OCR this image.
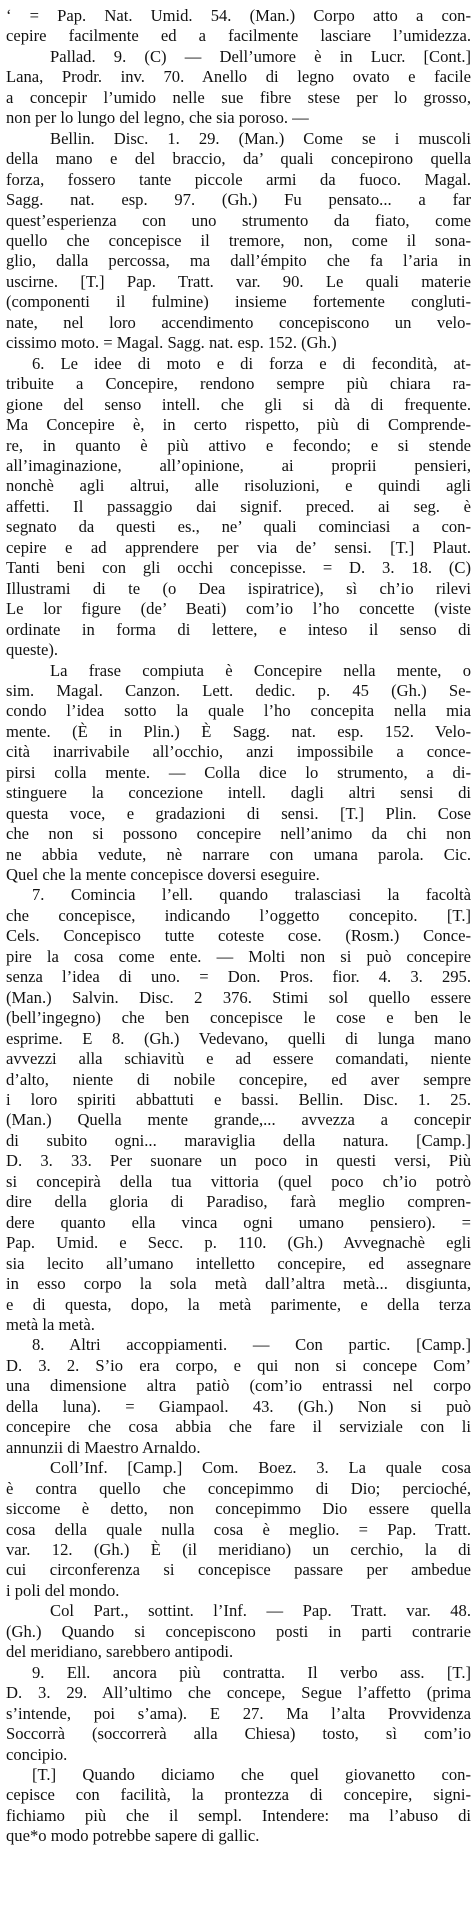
‘ = Pap. Nat. Umid. 54. (Man.) Corpo atto a con-
cepire facilmente ed a facilmente lasciare l’umidezza.
Pallad. 9. (C) — Dell’umore è in Lucr. [Cont.]
Lana, Prodr. inv. 70. Anello di legno ovato e facile
a concepir l’umido nelle sue fibre stese per lo grosso,
non per lo lungo del legno, che sia poroso. —
Bellin. Disc. 1. 29. (Man.) Come se i muscoli
della mano e del braccio, da’ quali concepirono quella
forza, fossero tante piccole armi da fuoco. Magal.
Sagg. nat. esp. 97. (Gh.) Fu pensato... a far
quest’esperienza con uno strumento da fiato, come
quello che concepisce il tremore, non, come il sona-
glio, dalla percossa, ma dall’émpito che fa l’aria in
uscirne. [T.] Pap. Tratt. var. 90. Le quali materie
(componenti il fulmine) insieme fortemente congluti-
nate, nel loro accendimento concepiscono un velo-
cissimo moto. = Magal. Sagg. nat. esp. 152. (Gh.)
6. Le idee di moto e di forza e di fecondità, at-
tribuite a Concepire, rendono sempre più chiara ra-
gione del senso intell. che gli si dà di frequente.
Ma Concepire è, in certo rispetto, più di Comprende-
re, in quanto è più attivo e fecondo; e si stende
all’imaginazione, all’opinione, ai proprii pensieri,
nonchè agli altrui, alle risoluzioni, e quindi agli
affetti. Il passaggio dai signif. preced. ai seg. è
segnato da questi es., ne’ quali cominciasi a con-
cepire e ad apprendere per via de’ sensi. [T.] Plaut.
Tanti beni con gli occhi concepisse. = D. 3. 18. (C)
Illustrami di te (o Dea ispiratrice), sì ch’io rilevi
Le lor figure (de’ Beati) com’io l’ho concette (viste
ordinate in forma di lettere, e inteso il senso di
queste).
La frase compiuta è Concepire nella mente, o
sim. Magal. Canzon. Lett. dedic. p. 45 (Gh.) Se-
condo l’idea sotto la quale l’ho concepita nella mia
mente. (È in Plin.) È Sagg. nat. esp. 152. Velo-
cità inarrivabile all’occhio, anzi impossibile a conce-
pirsi colla mente. — Colla dice lo strumento, a di-
stinguere la concezione intell. dagli altri sensi di
questa voce, e gradazioni di sensi. [T.] Plin. Cose
che non si possono concepire nell’animo da chi non
ne abbia vedute, nè narrare con umana parola. Cic.
Quel che la mente concepisce doversi eseguire.
7. Comincia l’ell. quando tralasciasi la facoltà
che concepisce, indicando l’oggetto concepito. [T.]
Cels. Concepisco tutte coteste cose. (Rosm.) Conce-
pire la cosa come ente. — Molti non si può concepire
senza l’idea di uno. = Don. Pros. fior. 4. 3. 295.
(Man.) Salvin. Disc. 2 376. Stimi sol quello essere
(bell’ingegno) che ben concepisce le cose e ben le
esprime. E 8. (Gh.) Vedevano, quelli di lunga mano
avvezzi alla schiavitù e ad essere comandati, niente
d’alto, niente di nobile concepire, ed aver sempre
i loro spiriti abbattuti e bassi. Bellin. Disc. 1. 25.
(Man.) Quella mente grande,... avvezza a concepir
di subito ogni... maraviglia della natura. [Camp.]
D. 3. 33. Per suonare un poco in questi versi, Più
si concepirà della tua vittoria (quel poco ch’io potrò
dire della gloria di Paradiso, farà meglio compren-
dere quanto ella vinca ogni umano pensiero). =
Pap. Umid. e Secc. p. 110. (Gh.) Avvegnachè egli
sia lecito all’umano intelletto concepire, ed assegnare
in esso corpo la sola metà dall’altra metà... disgiunta,
e di questa, dopo, la metà parimente, e della terza
metà la metà.
8. Altri accoppiamenti. — Con partic. [Camp.]
D. 3. 2. S’io era corpo, e qui non si concepe Com’
una dimensione altra patiò (com’io entrassi nel corpo
della luna). = Giampaol. 43. (Gh.) Non si può
concepire che cosa abbia che fare il serviziale con li
annunzii di Maestro Arnaldo.
Coll’Inf. [Camp.] Com. Boez. 3. La quale cosa
è contra quello che concepimmo di Dio; percioché,
siccome è detto, non concepimmo Dio essere quella
cosa della quale nulla cosa è meglio. = Pap. Tratt.
var. 12. (Gh.) È (il meridiano) un cerchio, la di
cui circonferenza si concepisce passare per ambedue
i poli del mondo.
Col Part., sottint. l’Inf. — Pap. Tratt. var. 48.
(Gh.) Quando si concepiscono posti in parti contrarie
del meridiano, sarebbero antipodi.
9. Ell. ancora più contratta. Il verbo ass. [T.]
D. 3. 29. All’ultimo che concepe, Segue l’affetto (prima
s’intende, poi s’ama). E 27. Ma l’alta Provvidenza
Soccorrà (soccorrerà alla Chiesa) tosto, sì com’io
concipio.
[T.] Quando diciamo che quel giovanetto con-
cepisce con facilità, la prontezza di concepire, signi-
fichiamo più che il sempl. Intendere: ma l’abuso di
que*o modo potrebbe sapere di gallic.
